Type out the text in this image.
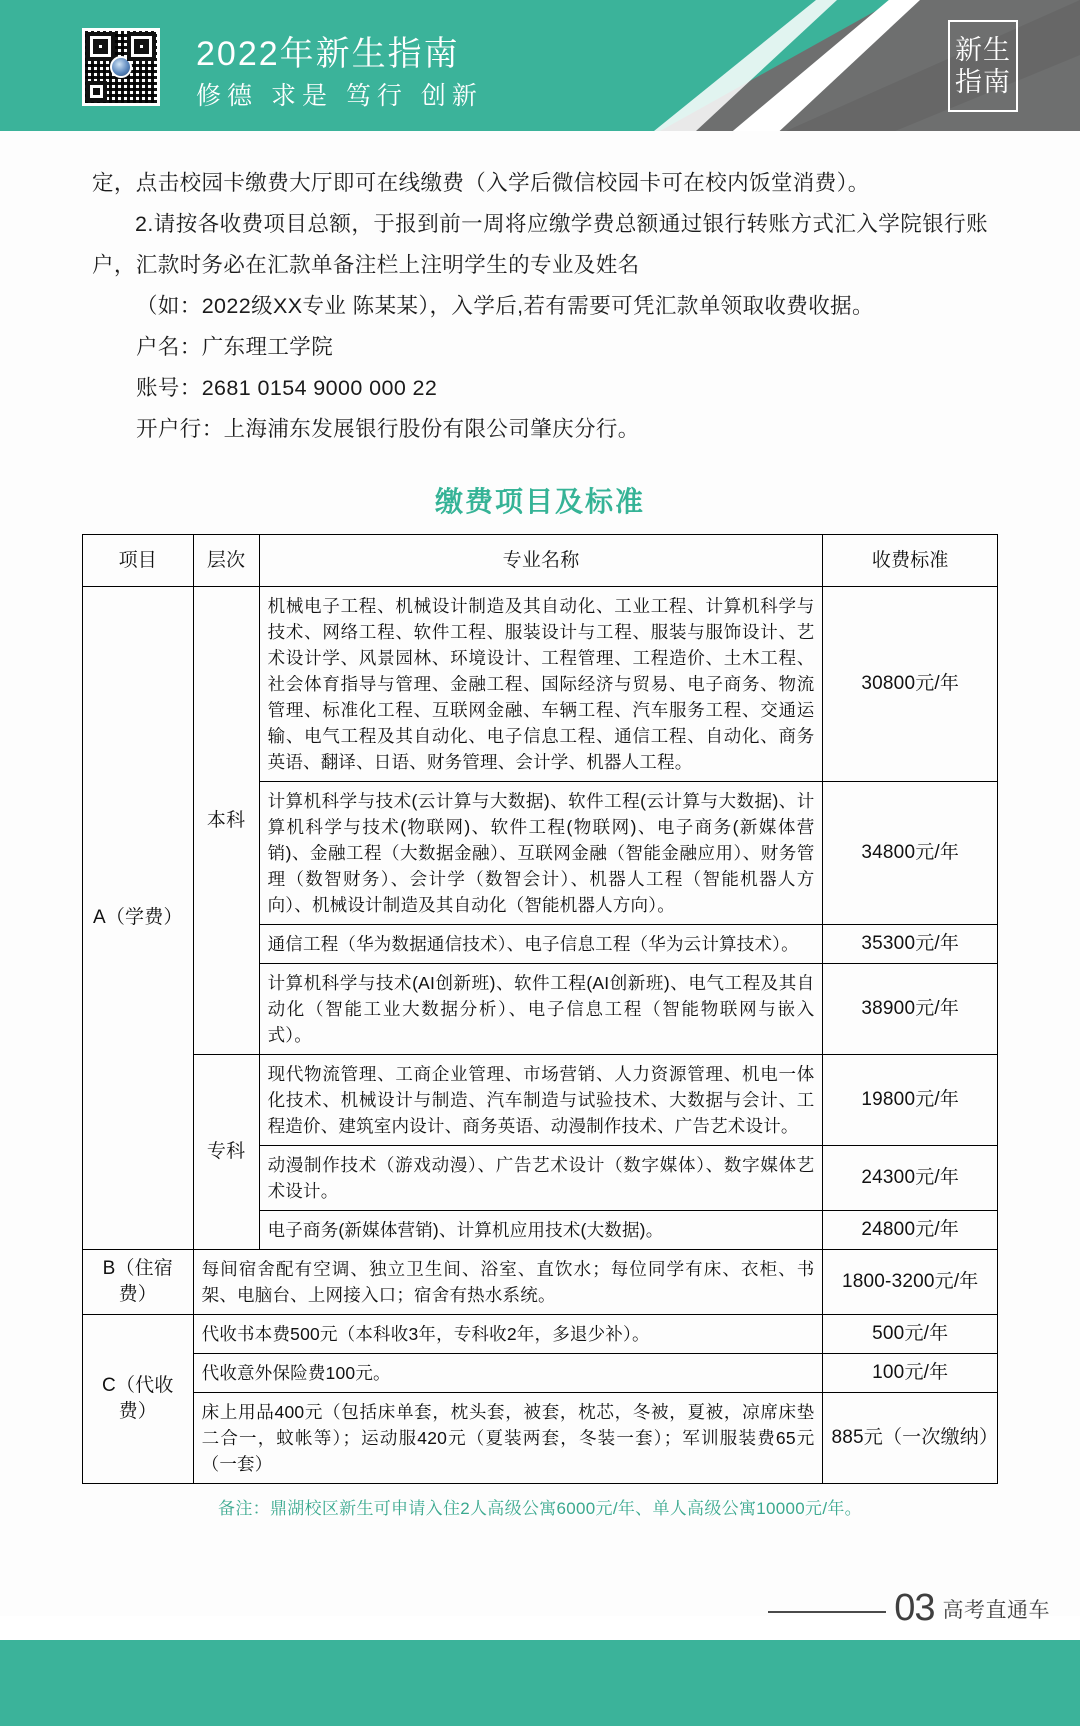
2022年新生指南
修德 求是 笃行 创新
新生
指南

定，点击校园卡缴费大厅即可在线缴费（入学后微信校园卡可在校内饭堂消费）。

2.请按各收费项目总额，于报到前一周将应缴学费总额通过银行转账方式汇入学院银行账户，汇款时务必在汇款单备注栏上注明学生的专业及姓名

（如：2022级XX专业 陈某某），入学后,若有需要可凭汇款单领取收费收据。

户名：广东理工学院

账号：2681 0154 9000 000 22

开户行：上海浦东发展银行股份有限公司肇庆分行。

缴费项目及标准
项目	层次	专业名称	收费标准
A（学费）	本科	机械电子工程、机械设计制造及其自动化、工业工程、计算机科学与技术、网络工程、软件工程、服装设计与工程、服装与服饰设计、艺术设计学、风景园林、环境设计、工程管理、工程造价、土木工程、社会体育指导与管理、金融工程、国际经济与贸易、电子商务、物流管理、标准化工程、互联网金融、车辆工程、汽车服务工程、交通运输、电气工程及其自动化、电子信息工程、通信工程、自动化、商务英语、翻译、日语、财务管理、会计学、机器人工程。	30800元/年
		计算机科学与技术(云计算与大数据)、软件工程(云计算与大数据)、计算机科学与技术(物联网)、软件工程(物联网)、电子商务(新媒体营销)、金融工程（大数据金融）、互联网金融（智能金融应用）、财务管理（数智财务）、会计学（数智会计）、机器人工程（智能机器人方向）、机械设计制造及其自动化（智能机器人方向）。	34800元/年
		通信工程（华为数据通信技术）、电子信息工程（华为云计算技术）。	35300元/年
		计算机科学与技术(AI创新班)、软件工程(AI创新班)、电气工程及其自动化（智能工业大数据分析）、电子信息工程（智能物联网与嵌入式）。	38900元/年
	专科	现代物流管理、工商企业管理、市场营销、人力资源管理、机电一体化技术、机械设计与制造、汽车制造与试验技术、大数据与会计、工程造价、建筑室内设计、商务英语、动漫制作技术、广告艺术设计。	19800元/年
		动漫制作技术（游戏动漫）、广告艺术设计（数字媒体）、数字媒体艺术设计。	24300元/年
		电子商务(新媒体营销)、计算机应用技术(大数据)。	24800元/年
B（住宿费）	每间宿舍配有空调、独立卫生间、浴室、直饮水；每位同学有床、衣柜、书架、电脑台、上网接入口；宿舍有热水系统。		1800-3200元/年
C（代收费）	代收书本费500元（本科收3年，专科收2年，多退少补）。		500元/年
	代收意外保险费100元。		100元/年
	床上用品400元（包括床单套，枕头套，被套，枕芯，冬被，夏被，凉席床垫二合一，蚊帐等）；运动服420元（夏装两套，冬装一套）；军训服装费65元（一套）		885元（一次缴纳）
备注：鼎湖校区新生可申请入住2人高级公寓6000元/年、单人高级公寓10000元/年。
03 高考直通车
